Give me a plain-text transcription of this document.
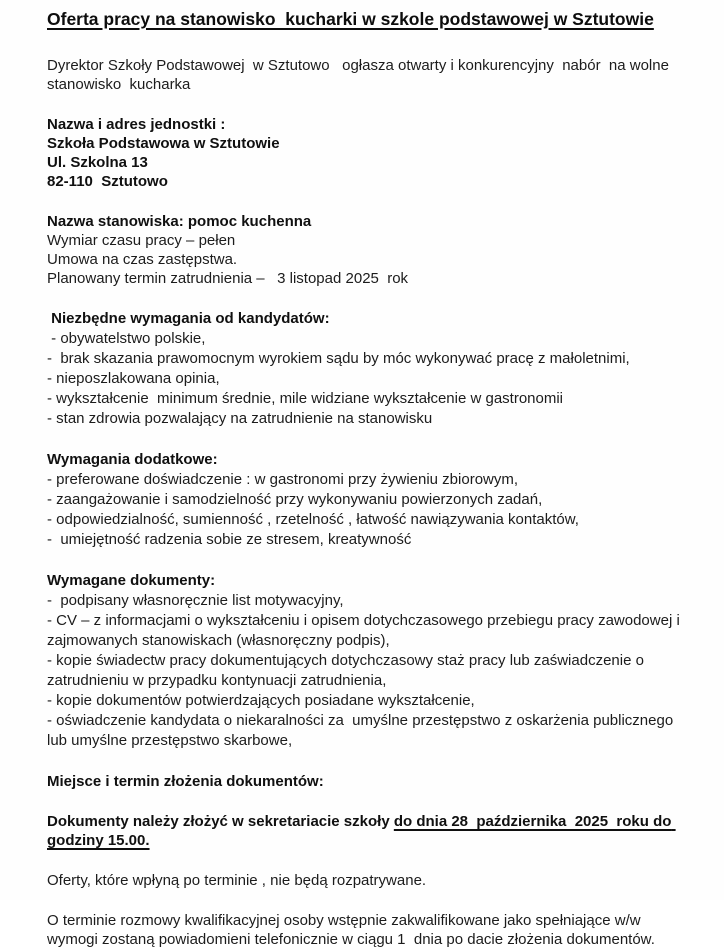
Oferta pracy na stanowisko  kucharki w szkole podstawowej w Sztutowie

Dyrektor Szkoły Podstawowej  w Sztutowo   ogłasza otwarty i konkurencyjny  nabór  na wolne stanowisko  kucharka

Nazwa i adres jednostki :

Szkoła Podstawowa w Sztutowie

Ul. Szkolna 13

82-110  Sztutowo

Nazwa stanowiska: pomoc kuchenna

Wymiar czasu pracy – pełen

Umowa na czas zastępstwa.

Planowany termin zatrudnienia –   3 listopad 2025  rok

Niezbędne wymagania od kandydatów:

- obywatelstwo polskie,

-  brak skazania prawomocnym wyrokiem sądu by móc wykonywać pracę z małoletnimi,

- nieposzlakowana opinia,

- wykształcenie  minimum średnie, mile widziane wykształcenie w gastronomii

- stan zdrowia pozwalający na zatrudnienie na stanowisku

Wymagania dodatkowe:

- preferowane doświadczenie : w gastronomi przy żywieniu zbiorowym,

- zaangażowanie i samodzielność przy wykonywaniu powierzonych zadań,

- odpowiedzialność, sumienność , rzetelność , łatwość nawiązywania kontaktów,

-  umiejętność radzenia sobie ze stresem, kreatywność

Wymagane dokumenty:

-  podpisany własnoręcznie list motywacyjny,

- CV – z informacjami o wykształceniu i opisem dotychczasowego przebiegu pracy zawodowej i zajmowanych stanowiskach (własnoręczny podpis),

- kopie świadectw pracy dokumentujących dotychczasowy staż pracy lub zaświadczenie o zatrudnieniu w przypadku kontynuacji zatrudnienia,

- kopie dokumentów potwierdzających posiadane wykształcenie,

- oświadczenie kandydata o niekaralności za  umyślne przestępstwo z oskarżenia publicznego lub umyślne przestępstwo skarbowe,

Miejsce i termin złożenia dokumentów:

Dokumenty należy złożyć w sekretariacie szkoły do dnia 28  października  2025  roku do godziny 15.00.

Oferty, które wpłyną po terminie , nie będą rozpatrywane.

O terminie rozmowy kwalifikacyjnej osoby wstępnie zakwalifikowane jako spełniające w/w wymogi zostaną powiadomieni telefonicznie w ciągu 1  dnia po dacie złożenia dokumentów.
